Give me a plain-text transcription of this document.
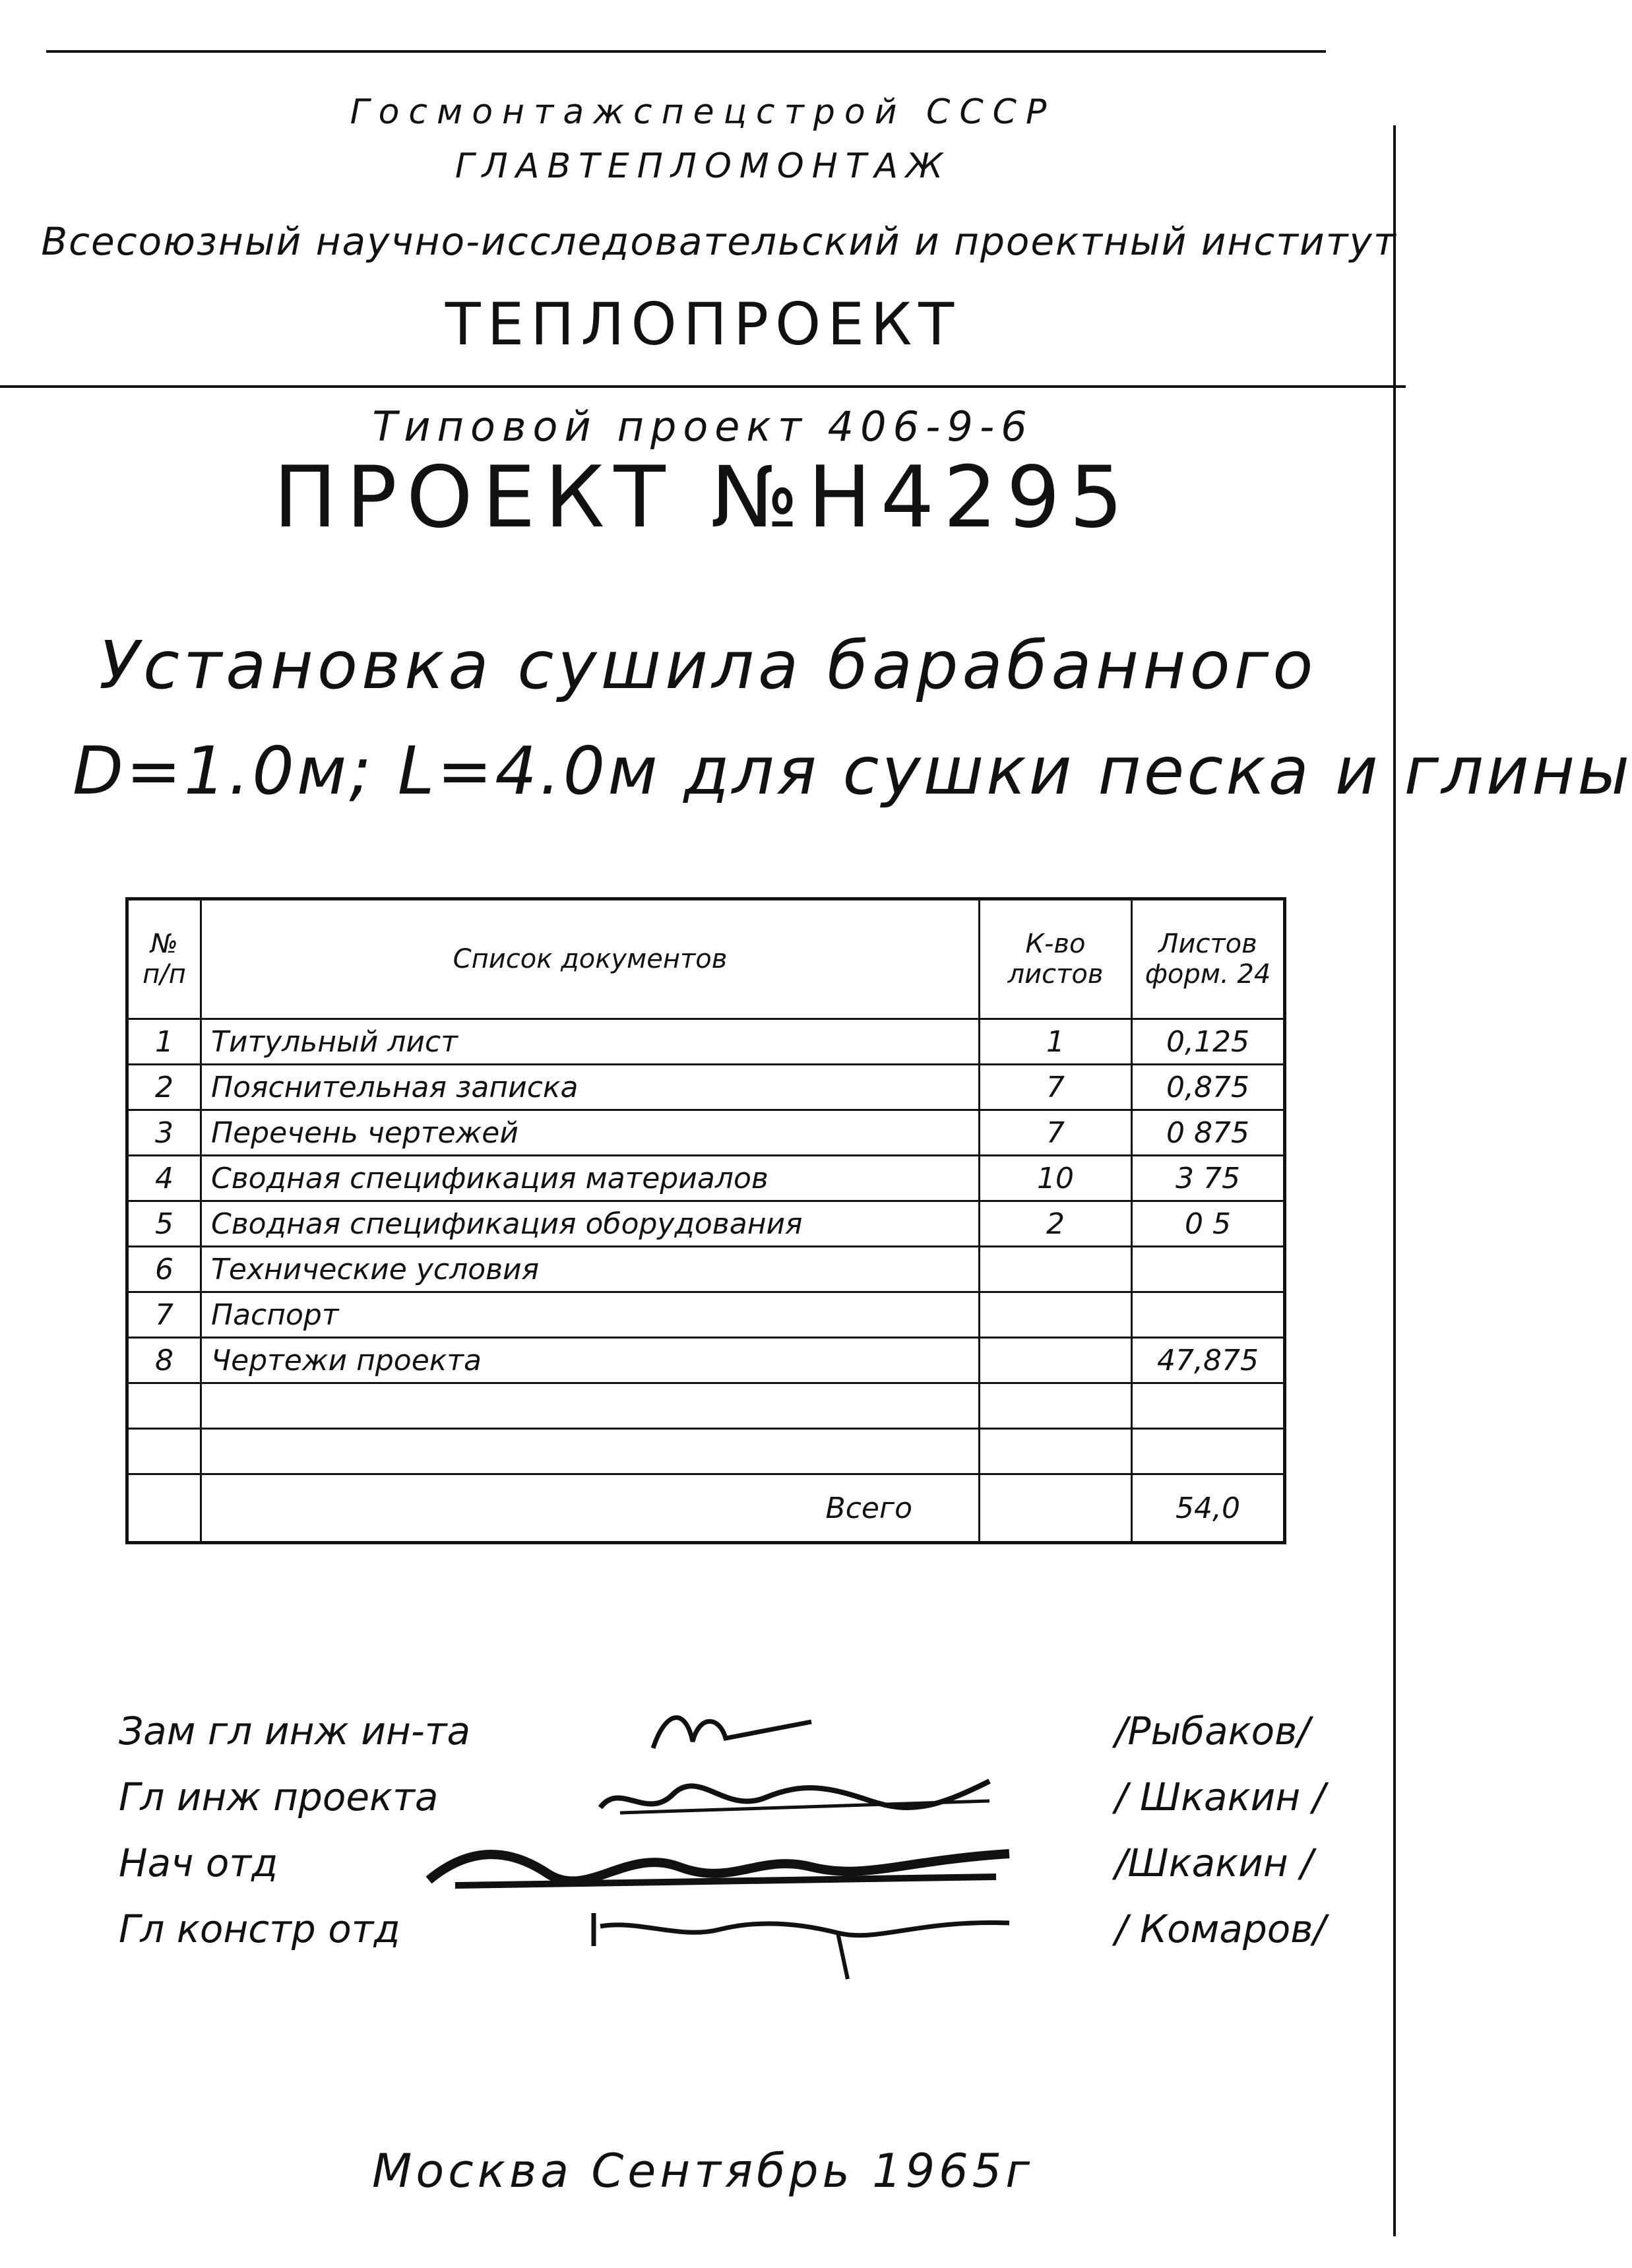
Госмонтажспецстрой СССР
ГЛАВТЕПЛОМОНТАЖ
Всесоюзный научно-исследовательский и проектный институт
ТЕПЛОПРОЕКТ
Типовой проект 406-9-6
ПРОЕКТ №Н4295
Установка сушила барабанного
D=1.0м; L=4.0м для сушки песка и глины
№ п/п	Список документов	К-во листов	Листов форм. 24
1	Титульный лист	1	0,125
2	Пояснительная записка	7	0,875
3	Перечень чертежей	7	0 875
4	Сводная спецификация материалов	10	3 75
5	Сводная спецификация оборудования	2	0 5
6	Технические условия		
7	Паспорт		
8	Чертежи проекта		47,875

	Всего		54,0
Зам гл инж ин-та	/Рыбаков/
Гл инж проекта	/ Шкакин /
Нач отд	/Шкакин /
Гл констр отд	/ Комаров/
Москва Сентябрь 1965г
